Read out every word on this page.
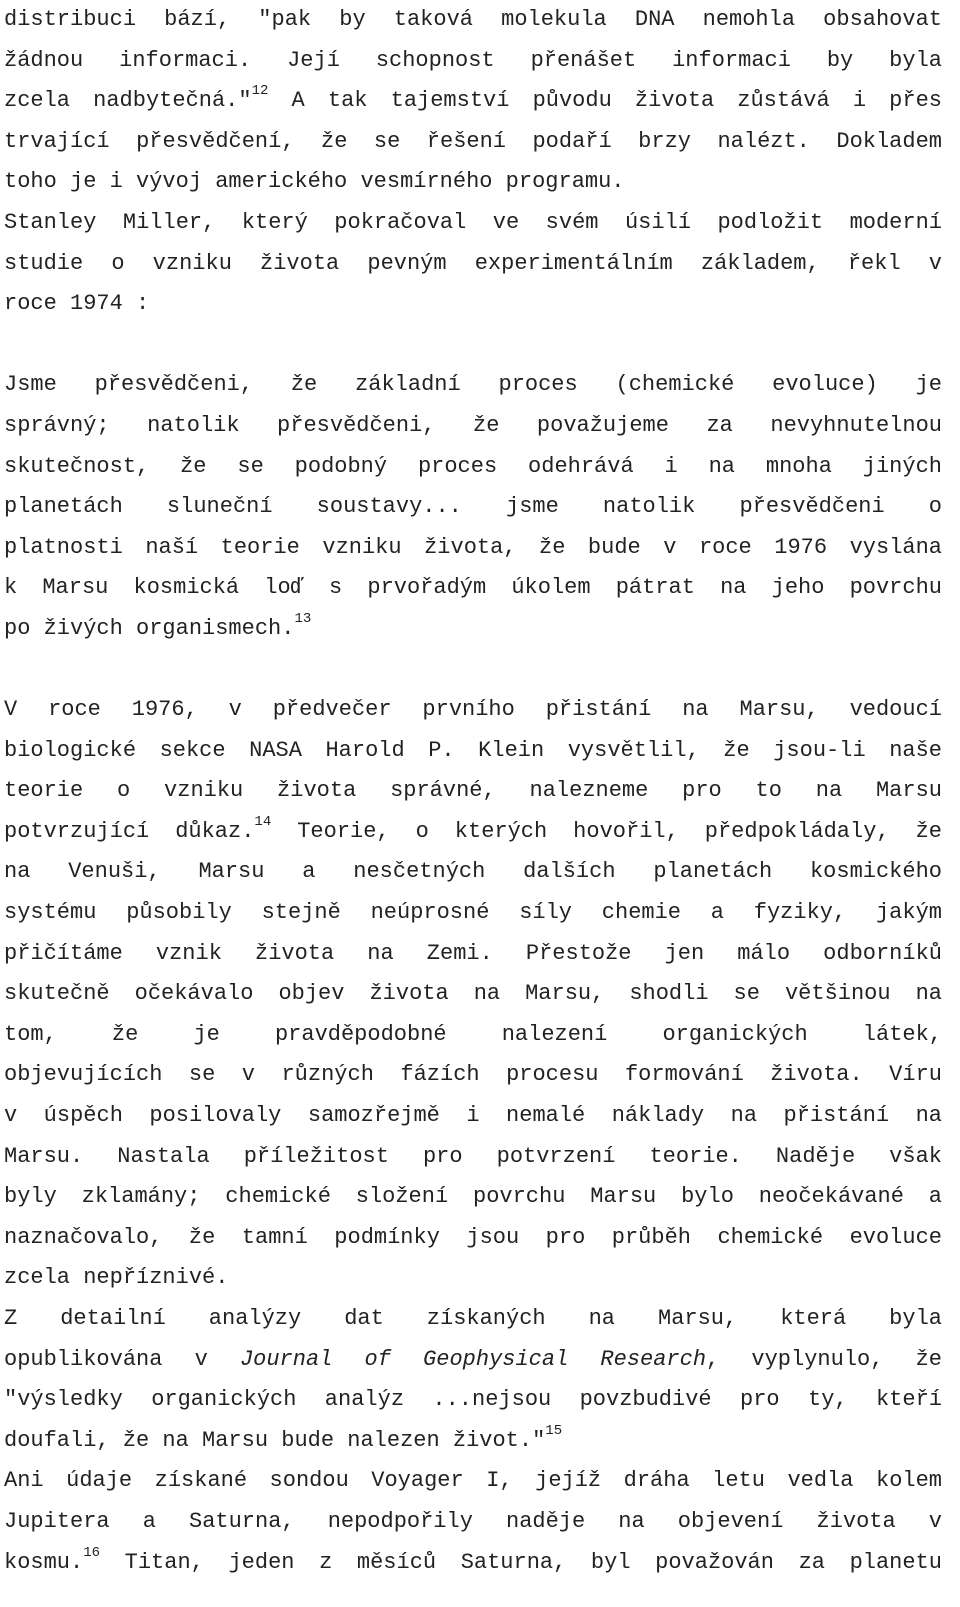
distribuci bází, "pak by taková molekula DNA nemohla obsahovat
žádnou informaci. Její schopnost přenášet informaci by byla
zcela nadbytečná."$^{12}$ A tak tajemství původu života zůstává i přes
trvající přesvědčení, že se řešení podaří brzy nalézt. Dokladem
toho je i vývoj amerického vesmírného programu.
Stanley Miller, který pokračoval ve svém úsilí podložit moderní
studie o vzniku života pevným experimentálním základem, řekl v
roce 1974 :
Jsme přesvědčeni, že základní proces (chemické evoluce) je
správný; natolik přesvědčeni, že považujeme za nevyhnutelnou
skutečnost, že se podobný proces odehrává i na mnoha jiných
planetách sluneční soustavy... jsme natolik přesvědčeni o
platnosti naší teorie vzniku života, že bude v roce 1976 vyslána
k Marsu kosmická loď s prvořadým úkolem pátrat na jeho povrchu
po živých organismech.$^{13}$
V roce 1976, v předvečer prvního přistání na Marsu, vedoucí
biologické sekce NASA Harold P. Klein vysvětlil, že jsou-li naše
teorie o vzniku života správné, nalezneme pro to na Marsu
potvrzující důkaz.$^{14}$ Teorie, o kterých hovořil, předpokládaly, že
na Venuši, Marsu a nesčetných dalších planetách kosmického
systému působily stejně neúprosné síly chemie a fyziky, jakým
přičítáme vznik života na Zemi. Přestože jen málo odborníků
skutečně očekávalo objev života na Marsu, shodli se většinou na
tom, že je pravděpodobné nalezení organických látek,
objevujících se v různých fázích procesu formování života. Víru
v úspěch posilovaly samozřejmě i nemalé náklady na přistání na
Marsu. Nastala příležitost pro potvrzení teorie. Naděje však
byly zklamány; chemické složení povrchu Marsu bylo neočekávané a
naznačovalo, že tamní podmínky jsou pro průběh chemické evoluce
zcela nepříznivé.
Z detailní analýzy dat získaných na Marsu, která byla
opublikována v Journal of Geophysical Research, vyplynulo, že
"výsledky organických analýz ...nejsou povzbudivé pro ty, kteří
doufali, že na Marsu bude nalezen život."$^{15}$
Ani údaje získané sondou Voyager I, jejíž dráha letu vedla kolem
Jupitera a Saturna, nepodpořily naděje na objevení života v
kosmu.$^{16}$ Titan, jeden z měsíců Saturna, byl považován za planetu
